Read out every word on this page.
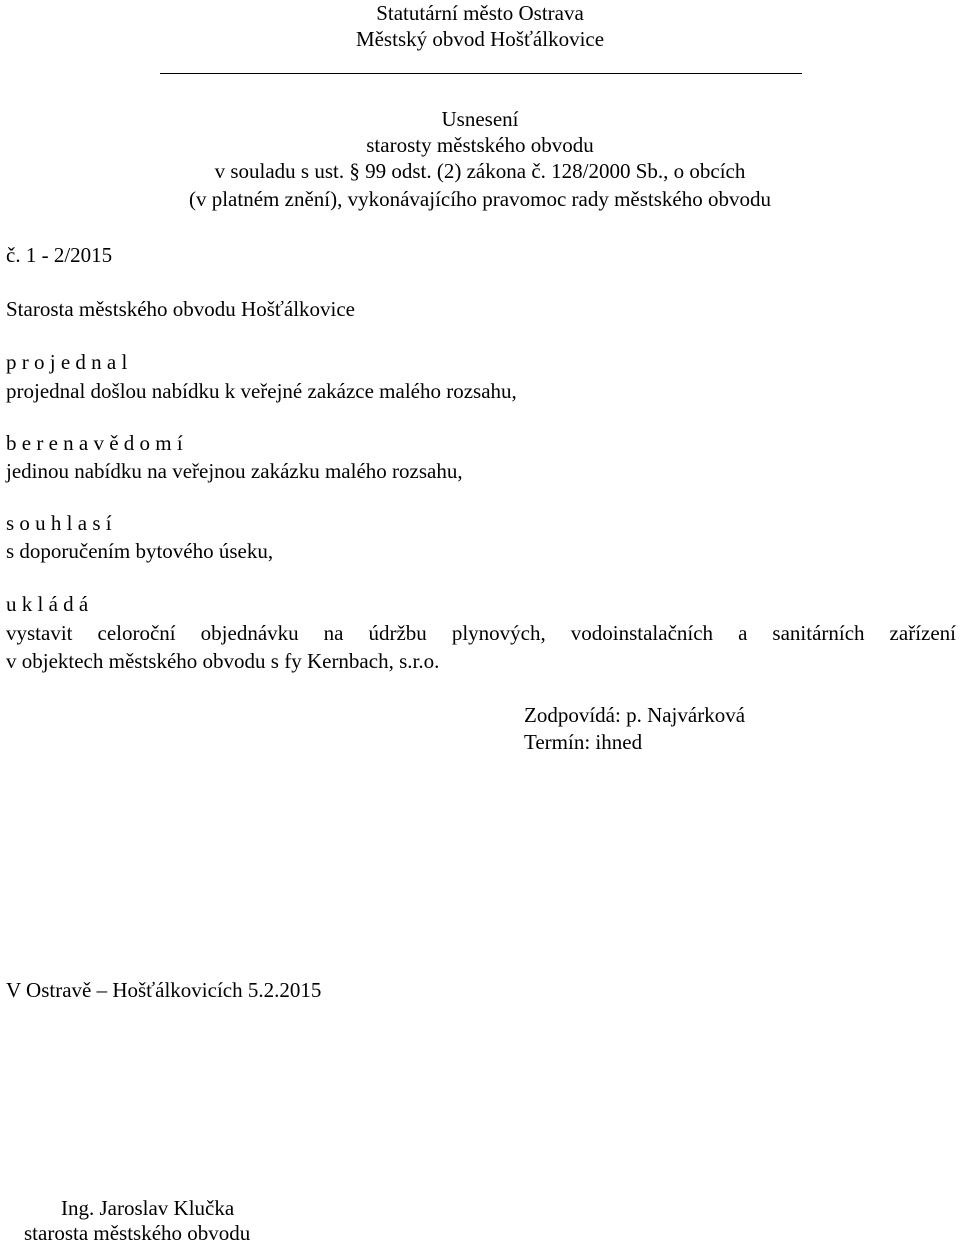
Statutární město Ostrava
Městský obvod Hošťálkovice
Usnesení
starosty městského obvodu
v souladu s ust. § 99 odst. (2) zákona č. 128/2000 Sb., o obcích
(v platném znění), vykonávajícího pravomoc rady městského obvodu
č. 1 - 2/2015
Starosta městského obvodu Hošťálkovice
p r o j e d n a l
projednal došlou nabídku k veřejné zakázce malého rozsahu,
b e r e n a v ě d o m í
jedinou nabídku na veřejnou zakázku malého rozsahu,
s o u h l a s í
s doporučením bytového úseku,
u k l á d á
vystavit celoroční objednávku na údržbu plynových, vodoinstalačních a sanitárních zařízení
v objektech městského obvodu s fy Kernbach, s.r.o.
Zodpovídá: p. Najvárková
Termín: ihned
V Ostravě – Hošťálkovicích 5.2.2015
Ing. Jaroslav Klučka
starosta městského obvodu
